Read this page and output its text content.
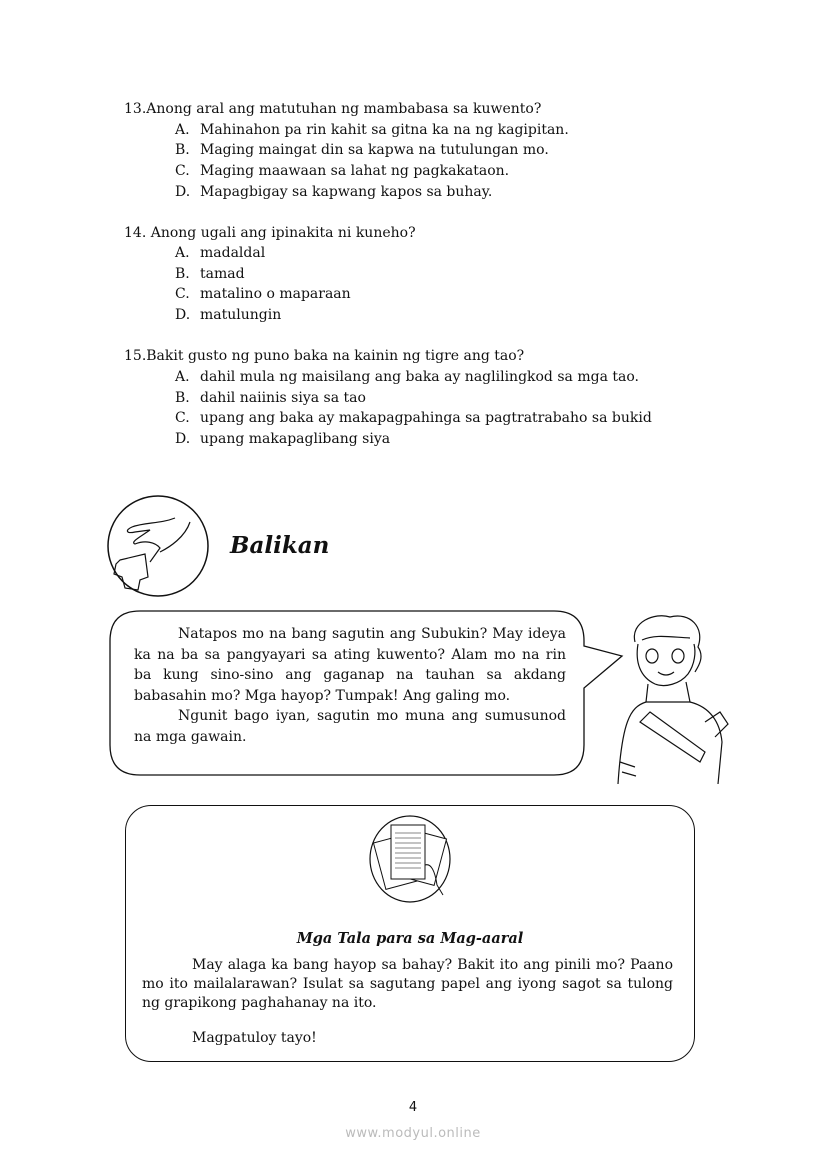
13.Anong aral ang matutuhan ng mambabasa sa kuwento?
A. Mahinahon pa rin kahit sa gitna ka na ng kagipitan.
B. Maging maingat din sa kapwa na tutulungan mo.
C. Maging maawaan sa lahat ng pagkakataon.
D. Mapagbigay sa kapwang kapos sa buhay.
14. Anong ugali ang ipinakita ni kuneho?
A. madaldal
B. tamad
C. matalino o maparaan
D. matulungin
15.Bakit gusto ng puno baka na kainin ng tigre ang tao?
A. dahil mula ng maisilang ang baka ay naglilingkod sa mga tao.
B. dahil naiinis siya sa tao
C. upang ang baka ay makapagpahinga sa pagtratrabaho sa bukid
D. upang makapaglibang siya
Balikan

Natapos mo na bang sagutin ang Subukin? May ideya ka na ba sa pangyayari sa ating kuwento? Alam mo na rin ba kung sino-sino ang gaganap na tauhan sa akdang babasahin mo? Mga hayop? Tumpak! Ang galing mo.

Ngunit bago iyan, sagutin mo muna ang sumusunod na mga gawain.

Mga Tala para sa Mag-aaral

May alaga ka bang hayop sa bahay? Bakit ito ang pinili mo? Paano mo ito mailalarawan? Isulat sa sagutang papel ang iyong sagot sa tulong ng grapikong paghahanay na ito.

Magpatuloy tayo!

4
www.modyul.online
